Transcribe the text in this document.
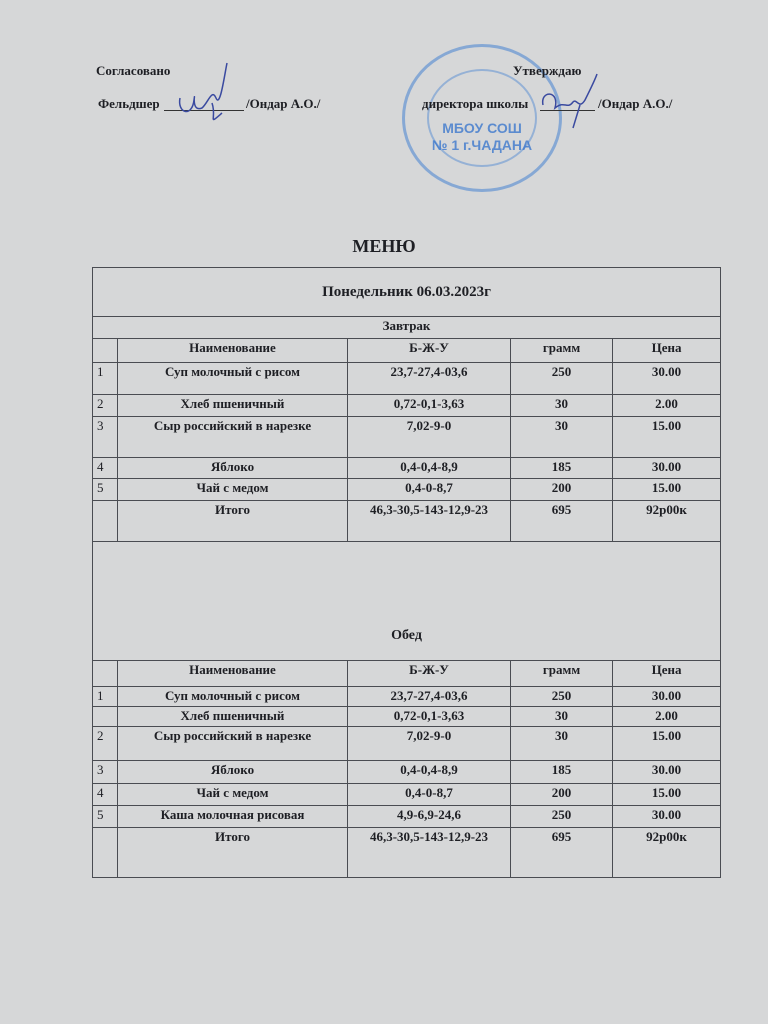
Согласовано
Фельдшер	/Ондар А.О./
МБОУ СОШ
№ 1 г.ЧАДАНА
Утверждаю
директора школы	/Ондар А.О./
МЕНЮ
Понедельник 06.03.2023г				
Завтрак				
	Наименование	Б-Ж-У	грамм	Цена
1	Суп молочный с рисом	23,7-27,4-03,6	250	30.00
2	Хлеб пшеничный	0,72-0,1-3,63	30	2.00
3	Сыр российский в нарезке	7,02-9-0	30	15.00
4	Яблоко	0,4-0,4-8,9	185	30.00
5	Чай с медом	0,4-0-8,7	200	15.00
	Итого	46,3-30,5-143-12,9-23	695	92р00к
Обед				
	Наименование	Б-Ж-У	грамм	Цена
1	Суп молочный с рисом	23,7-27,4-03,6	250	30.00
	Хлеб пшеничный	0,72-0,1-3,63	30	2.00
2	Сыр российский в нарезке	7,02-9-0	30	15.00
3	Яблоко	0,4-0,4-8,9	185	30.00
4	Чай с медом	0,4-0-8,7	200	15.00
5	Каша молочная рисовая	4,9-6,9-24,6	250	30.00
	Итого	46,3-30,5-143-12,9-23	695	92р00к
